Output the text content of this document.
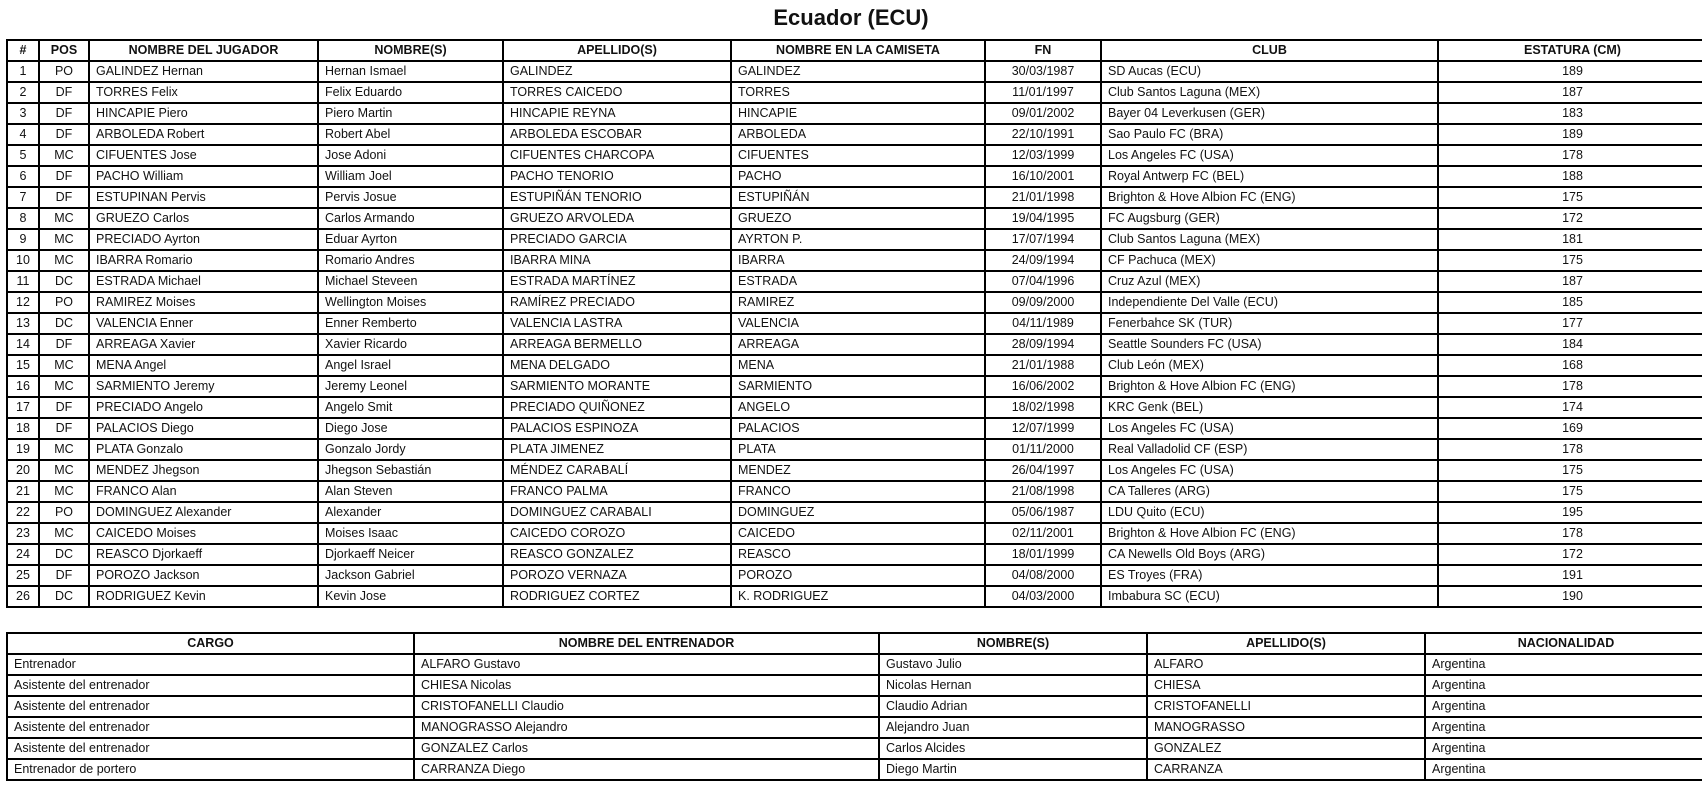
Ecuador (ECU)
#	POS	NOMBRE DEL JUGADOR	NOMBRE(S)	APELLIDO(S)	NOMBRE EN LA CAMISETA	FN	CLUB	ESTATURA (CM)
1	PO	GALINDEZ Hernan	Hernan Ismael	GALINDEZ	GALINDEZ	30/03/1987	SD Aucas (ECU)	189
2	DF	TORRES Felix	Felix Eduardo	TORRES CAICEDO	TORRES	11/01/1997	Club Santos Laguna (MEX)	187
3	DF	HINCAPIE Piero	Piero Martin	HINCAPIE REYNA	HINCAPIE	09/01/2002	Bayer 04 Leverkusen (GER)	183
4	DF	ARBOLEDA Robert	Robert Abel	ARBOLEDA ESCOBAR	ARBOLEDA	22/10/1991	Sao Paulo FC (BRA)	189
5	MC	CIFUENTES Jose	Jose Adoni	CIFUENTES CHARCOPA	CIFUENTES	12/03/1999	Los Angeles FC (USA)	178
6	DF	PACHO William	William Joel	PACHO TENORIO	PACHO	16/10/2001	Royal Antwerp FC (BEL)	188
7	DF	ESTUPINAN Pervis	Pervis Josue	ESTUPIÑÁN TENORIO	ESTUPIÑÁN	21/01/1998	Brighton & Hove Albion FC (ENG)	175
8	MC	GRUEZO Carlos	Carlos Armando	GRUEZO ARVOLEDA	GRUEZO	19/04/1995	FC Augsburg (GER)	172
9	MC	PRECIADO Ayrton	Eduar Ayrton	PRECIADO GARCIA	AYRTON P.	17/07/1994	Club Santos Laguna (MEX)	181
10	MC	IBARRA Romario	Romario Andres	IBARRA MINA	IBARRA	24/09/1994	CF Pachuca (MEX)	175
11	DC	ESTRADA Michael	Michael Steveen	ESTRADA MARTÍNEZ	ESTRADA	07/04/1996	Cruz Azul (MEX)	187
12	PO	RAMIREZ Moises	Wellington Moises	RAMÍREZ PRECIADO	RAMIREZ	09/09/2000	Independiente Del Valle (ECU)	185
13	DC	VALENCIA Enner	Enner Remberto	VALENCIA LASTRA	VALENCIA	04/11/1989	Fenerbahce SK (TUR)	177
14	DF	ARREAGA Xavier	Xavier Ricardo	ARREAGA BERMELLO	ARREAGA	28/09/1994	Seattle Sounders FC (USA)	184
15	MC	MENA Angel	Angel Israel	MENA DELGADO	MENA	21/01/1988	Club León (MEX)	168
16	MC	SARMIENTO Jeremy	Jeremy Leonel	SARMIENTO MORANTE	SARMIENTO	16/06/2002	Brighton & Hove Albion FC (ENG)	178
17	DF	PRECIADO Angelo	Angelo Smit	PRECIADO QUIÑONEZ	ANGELO	18/02/1998	KRC Genk (BEL)	174
18	DF	PALACIOS Diego	Diego Jose	PALACIOS ESPINOZA	PALACIOS	12/07/1999	Los Angeles FC (USA)	169
19	MC	PLATA Gonzalo	Gonzalo Jordy	PLATA JIMENEZ	PLATA	01/11/2000	Real Valladolid CF (ESP)	178
20	MC	MENDEZ Jhegson	Jhegson Sebastián	MÉNDEZ CARABALÍ	MENDEZ	26/04/1997	Los Angeles FC (USA)	175
21	MC	FRANCO Alan	Alan Steven	FRANCO PALMA	FRANCO	21/08/1998	CA Talleres (ARG)	175
22	PO	DOMINGUEZ Alexander	Alexander	DOMINGUEZ CARABALI	DOMINGUEZ	05/06/1987	LDU Quito (ECU)	195
23	MC	CAICEDO Moises	Moises Isaac	CAICEDO COROZO	CAICEDO	02/11/2001	Brighton & Hove Albion FC (ENG)	178
24	DC	REASCO Djorkaeff	Djorkaeff Neicer	REASCO GONZALEZ	REASCO	18/01/1999	CA Newells Old Boys (ARG)	172
25	DF	POROZO Jackson	Jackson Gabriel	POROZO VERNAZA	POROZO	04/08/2000	ES Troyes (FRA)	191
26	DC	RODRIGUEZ Kevin	Kevin Jose	RODRIGUEZ CORTEZ	K. RODRIGUEZ	04/03/2000	Imbabura SC (ECU)	190
CARGO	NOMBRE DEL ENTRENADOR	NOMBRE(S)	APELLIDO(S)	NACIONALIDAD
Entrenador	ALFARO Gustavo	Gustavo Julio	ALFARO	Argentina
Asistente del entrenador	CHIESA Nicolas	Nicolas Hernan	CHIESA	Argentina
Asistente del entrenador	CRISTOFANELLI Claudio	Claudio Adrian	CRISTOFANELLI	Argentina
Asistente del entrenador	MANOGRASSO Alejandro	Alejandro Juan	MANOGRASSO	Argentina
Asistente del entrenador	GONZALEZ Carlos	Carlos Alcides	GONZALEZ	Argentina
Entrenador de portero	CARRANZA Diego	Diego Martin	CARRANZA	Argentina
